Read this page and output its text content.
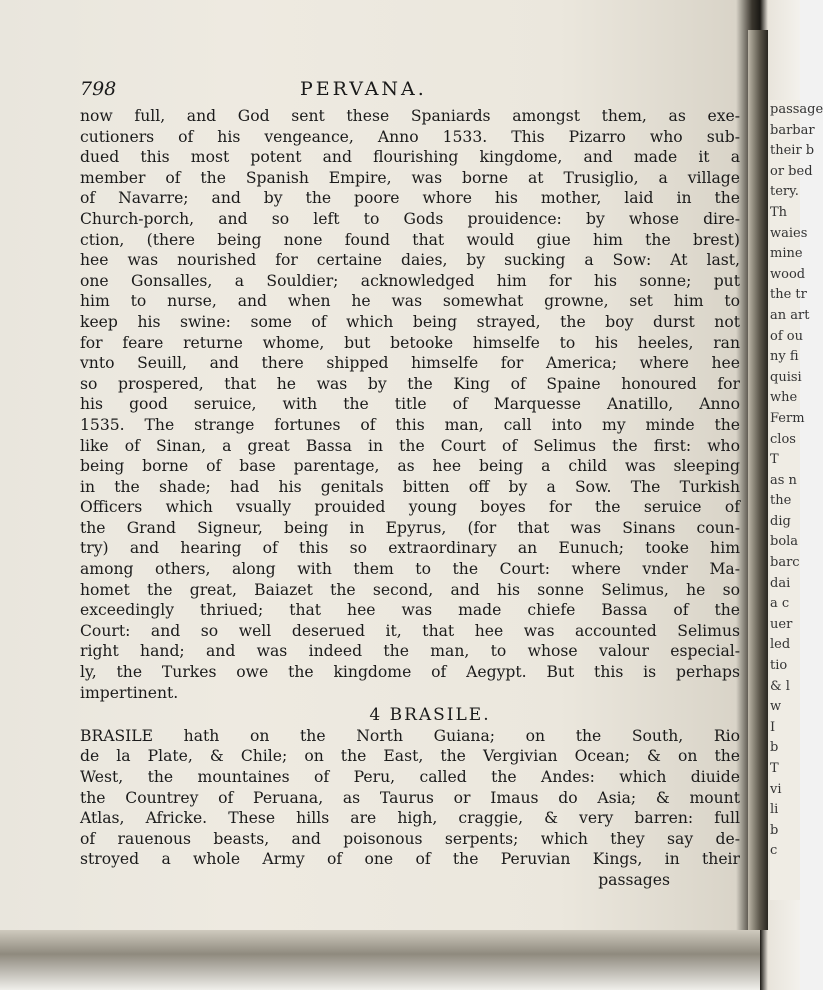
798	PERVANA.

now full, and God sent these Spaniards amongst them, as exe-
cutioners of his vengeance, Anno 1533. This Pizarro who sub-
dued this most potent and flourishing kingdome, and made it a
member of the Spanish Empire, was borne at Trusiglio, a village
of Navarre; and by the poore whore his mother, laid in the
Church-porch, and so left to Gods prouidence: by whose dire-
ction, (there being none found that would giue him the brest)
hee was nourished for certaine daies, by sucking a Sow: At last,
one Gonsalles, a Souldier; acknowledged him for his sonne; put
him to nurse, and when he was somewhat growne, set him to
keep his swine: some of which being strayed, the boy durst not
for feare returne whome, but betooke himselfe to his heeles, ran
vnto Seuill, and there shipped himselfe for America; where hee
so prospered, that he was by the King of Spaine honoured for
his good seruice, with the title of Marquesse Anatillo, Anno
1535. The strange fortunes of this man, call into my minde the
like of Sinan, a great Bassa in the Court of Selimus the first: who
being borne of base parentage, as hee being a child was sleeping
in the shade; had his genitals bitten off by a Sow. The Turkish
Officers which vsually prouided young boyes for the seruice of
the Grand Signeur, being in Epyrus, (for that was Sinans coun-
try) and hearing of this so extraordinary an Eunuch; tooke him
among others, along with them to the Court: where vnder Ma-
homet the great, Baiazet the second, and his sonne Selimus, he so
exceedingly thriued; that hee was made chiefe Bassa of the
Court: and so well deserued it, that hee was accounted Selimus
right hand; and was indeed the man, to whose valour especial-
ly, the Turkes owe the kingdome of Aegypt. But this is perhaps
impertinent.

4 BRASILE.

BRASILE hath on the North Guiana; on the South, Rio
de la Plate, & Chile; on the East, the Vergivian Ocean; & on the
West, the mountaines of Peru, called the Andes: which diuide
the Countrey of Peruana, as Taurus or Imaus do Asia; & mount
Atlas, Africke. These hills are high, craggie, & very barren: full
of rauenous beasts, and poisonous serpents; which they say de-
stroyed a whole Army of one of the Peruvian Kings, in their

passages
passage
barbar
their b
or bed
tery.
Th
waies
mine
wood
the tr
an art
of ou
ny fi
quisi
whe
Ferm
clos
T
as n
the
dig
bola
barc
dai
a c
uer
led
tio
& l
w
I
b
T
vi
li
b
c
